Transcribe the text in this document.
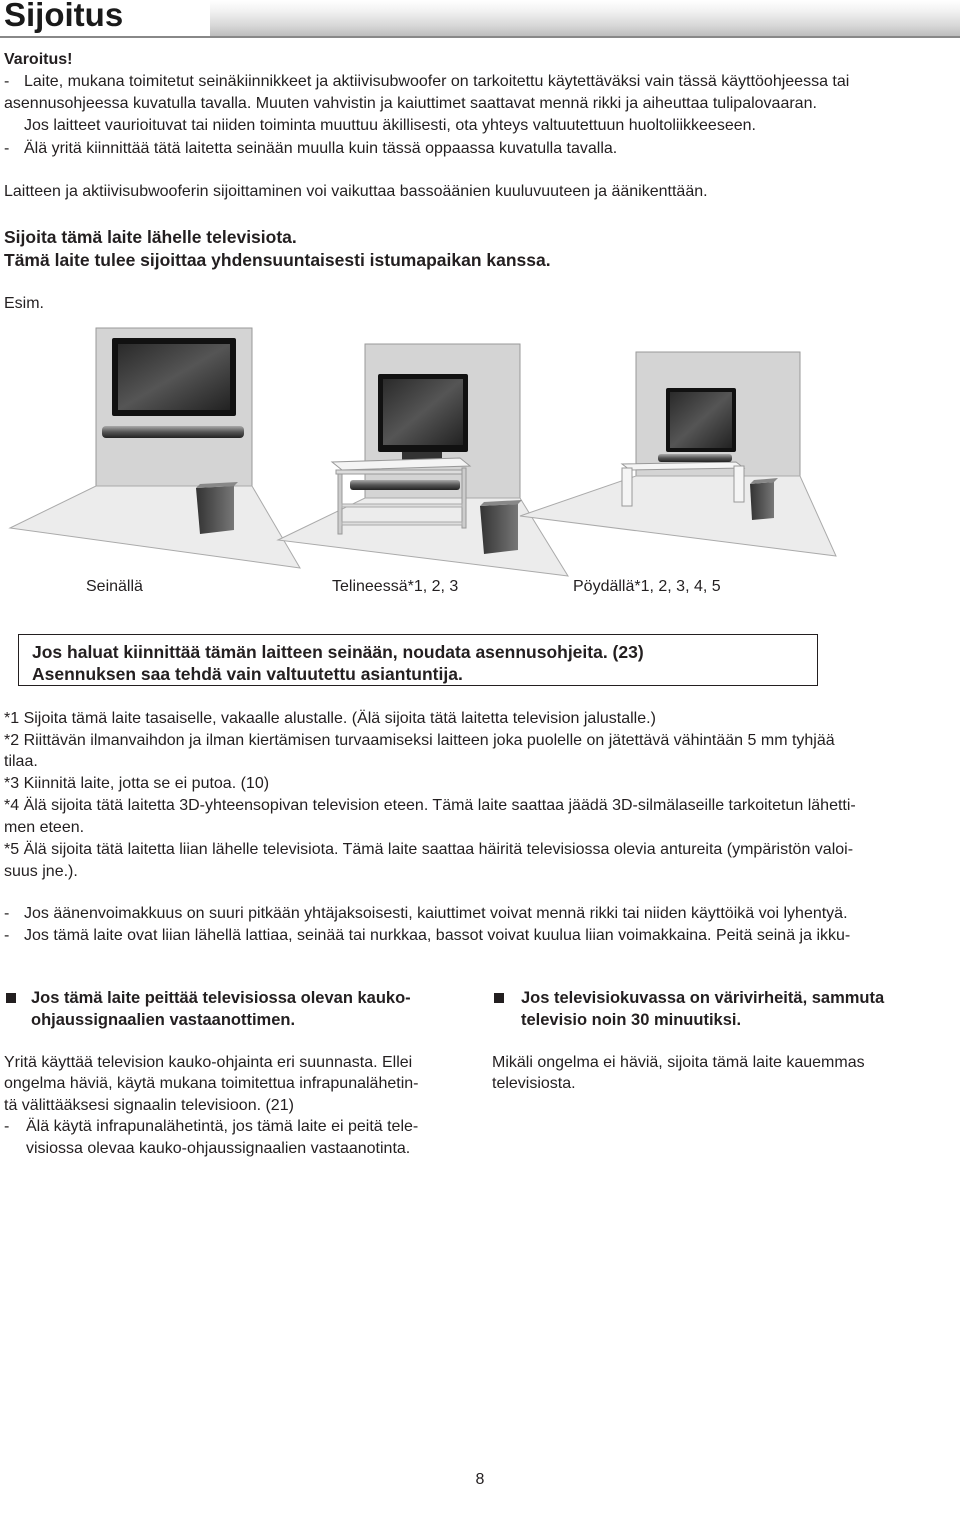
Sijoitus
Varoitus!
- Laite, mukana toimitetut seinäkiinnikkeet ja aktiivisubwoofer on tarkoitettu käytettäväksi vain tässä käyttöohjeessa tai
asennusohjeessa kuvatulla tavalla. Muuten vahvistin ja kaiuttimet saattavat mennä rikki ja aiheuttaa tulipalovaaran.
Jos laitteet vaurioituvat tai niiden toiminta muuttuu äkillisesti, ota yhteys valtuutettuun huoltoliikkeeseen.
- Älä yritä kiinnittää tätä laitetta seinään muulla kuin tässä oppaassa kuvatulla tavalla.
Laitteen ja aktiivisubwooferin sijoittaminen voi vaikuttaa bassoäänien kuuluvuuteen ja äänikenttään.
Sijoita tämä laite lähelle televisiota.
Tämä laite tulee sijoittaa yhdensuuntaisesti istumapaikan kanssa.
Esim.
Seinällä	Telineessä*1, 2, 3	Pöydällä*1, 2, 3, 4, 5
Jos haluat kiinnittää tämän laitteen seinään, noudata asennusohjeita. (23)
Asennuksen saa tehdä vain valtuutettu asiantuntija.
*1 Sijoita tämä laite tasaiselle, vakaalle alustalle. (Älä sijoita tätä laitetta television jalustalle.)
*2 Riittävän ilmanvaihdon ja ilman kiertämisen turvaamiseksi laitteen joka puolelle on jätettävä vähintään 5 mm tyhjää
tilaa.
*3 Kiinnitä laite, jotta se ei putoa. (10)
*4 Älä sijoita tätä laitetta 3D-yhteensopivan television eteen. Tämä laite saattaa jäädä 3D-silmälaseille tarkoitetun lähetti-
men eteen.
*5 Älä sijoita tätä laitetta liian lähelle televisiota. Tämä laite saattaa häiritä televisiossa olevia antureita (ympäristön valoi-
suus jne.).
- Jos äänenvoimakkuus on suuri pitkään yhtäjaksoisesti, kaiuttimet voivat mennä rikki tai niiden käyttöikä voi lyhentyä.
- Jos tämä laite ovat liian lähellä lattiaa, seinää tai nurkkaa, bassot voivat kuulua liian voimakkaina. Peitä seinä ja ikku-
Jos tämä laite peittää televisiossa olevan kauko-
ohjaussignaalien vastaanottimen.
Yritä käyttää television kauko-ohjainta eri suunnasta. Ellei
ongelma häviä, käytä mukana toimitettua infrapunalähetin-
tä välittääksesi signaalin televisioon. (21)
- Älä käytä infrapunalähetintä, jos tämä laite ei peitä tele-
visiossa olevaa kauko-ohjaussignaalien vastaanotinta.
Jos televisiokuvassa on värivirheitä, sammuta
televisio noin 30 minuutiksi.
Mikäli ongelma ei häviä, sijoita tämä laite kauemmas
televisiosta.
8
